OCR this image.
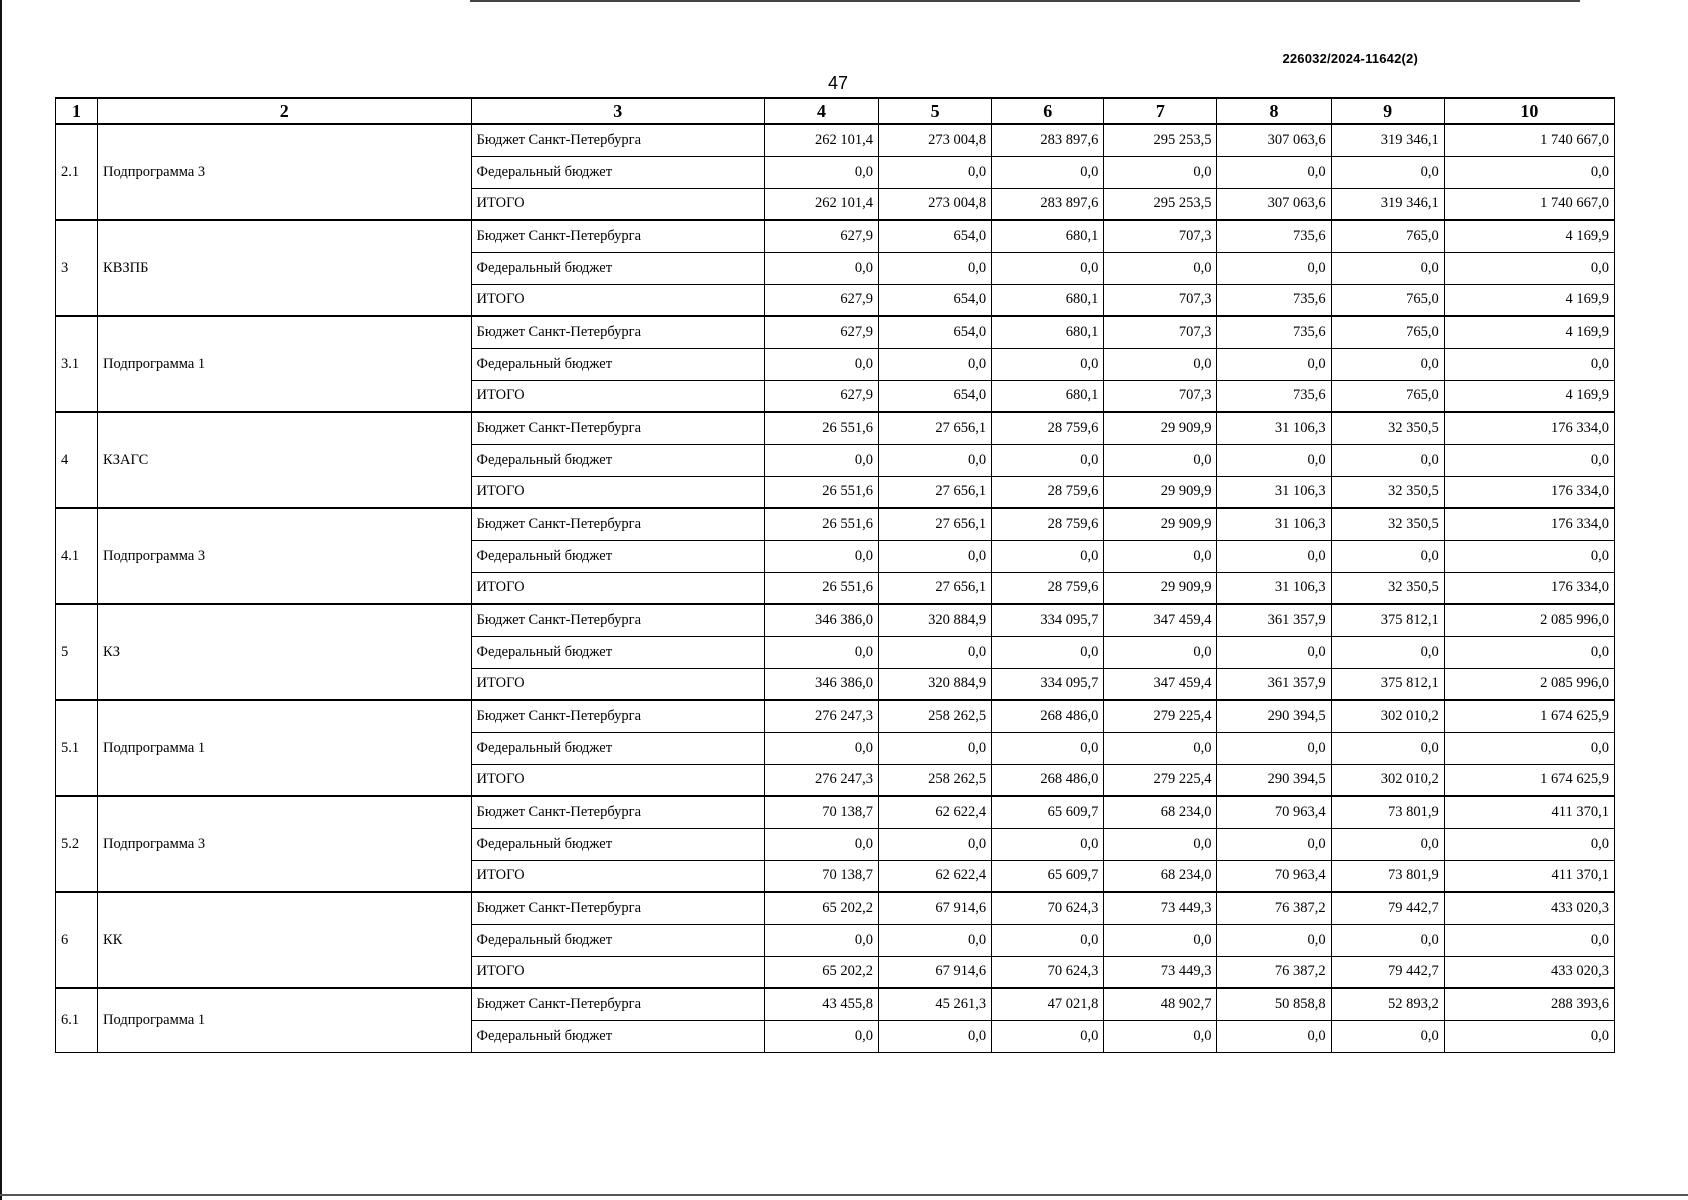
226032/2024-11642(2)
47
1	2	3	4	5	6	7	8	9	10
2.1	Подпрограмма 3	Бюджет Санкт-Петербурга	262 101,4	273 004,8	283 897,6	295 253,5	307 063,6	319 346,1	1 740 667,0
		Федеральный бюджет	0,0	0,0	0,0	0,0	0,0	0,0	0,0
		ИТОГО	262 101,4	273 004,8	283 897,6	295 253,5	307 063,6	319 346,1	1 740 667,0
3	КВЗПБ	Бюджет Санкт-Петербурга	627,9	654,0	680,1	707,3	735,6	765,0	4 169,9
		Федеральный бюджет	0,0	0,0	0,0	0,0	0,0	0,0	0,0
		ИТОГО	627,9	654,0	680,1	707,3	735,6	765,0	4 169,9
3.1	Подпрограмма 1	Бюджет Санкт-Петербурга	627,9	654,0	680,1	707,3	735,6	765,0	4 169,9
		Федеральный бюджет	0,0	0,0	0,0	0,0	0,0	0,0	0,0
		ИТОГО	627,9	654,0	680,1	707,3	735,6	765,0	4 169,9
4	КЗАГС	Бюджет Санкт-Петербурга	26 551,6	27 656,1	28 759,6	29 909,9	31 106,3	32 350,5	176 334,0
		Федеральный бюджет	0,0	0,0	0,0	0,0	0,0	0,0	0,0
		ИТОГО	26 551,6	27 656,1	28 759,6	29 909,9	31 106,3	32 350,5	176 334,0
4.1	Подпрограмма 3	Бюджет Санкт-Петербурга	26 551,6	27 656,1	28 759,6	29 909,9	31 106,3	32 350,5	176 334,0
		Федеральный бюджет	0,0	0,0	0,0	0,0	0,0	0,0	0,0
		ИТОГО	26 551,6	27 656,1	28 759,6	29 909,9	31 106,3	32 350,5	176 334,0
5	КЗ	Бюджет Санкт-Петербурга	346 386,0	320 884,9	334 095,7	347 459,4	361 357,9	375 812,1	2 085 996,0
		Федеральный бюджет	0,0	0,0	0,0	0,0	0,0	0,0	0,0
		ИТОГО	346 386,0	320 884,9	334 095,7	347 459,4	361 357,9	375 812,1	2 085 996,0
5.1	Подпрограмма 1	Бюджет Санкт-Петербурга	276 247,3	258 262,5	268 486,0	279 225,4	290 394,5	302 010,2	1 674 625,9
		Федеральный бюджет	0,0	0,0	0,0	0,0	0,0	0,0	0,0
		ИТОГО	276 247,3	258 262,5	268 486,0	279 225,4	290 394,5	302 010,2	1 674 625,9
5.2	Подпрограмма 3	Бюджет Санкт-Петербурга	70 138,7	62 622,4	65 609,7	68 234,0	70 963,4	73 801,9	411 370,1
		Федеральный бюджет	0,0	0,0	0,0	0,0	0,0	0,0	0,0
		ИТОГО	70 138,7	62 622,4	65 609,7	68 234,0	70 963,4	73 801,9	411 370,1
6	КК	Бюджет Санкт-Петербурга	65 202,2	67 914,6	70 624,3	73 449,3	76 387,2	79 442,7	433 020,3
		Федеральный бюджет	0,0	0,0	0,0	0,0	0,0	0,0	0,0
		ИТОГО	65 202,2	67 914,6	70 624,3	73 449,3	76 387,2	79 442,7	433 020,3
6.1	Подпрограмма 1	Бюджет Санкт-Петербурга	43 455,8	45 261,3	47 021,8	48 902,7	50 858,8	52 893,2	288 393,6
		Федеральный бюджет	0,0	0,0	0,0	0,0	0,0	0,0	0,0
